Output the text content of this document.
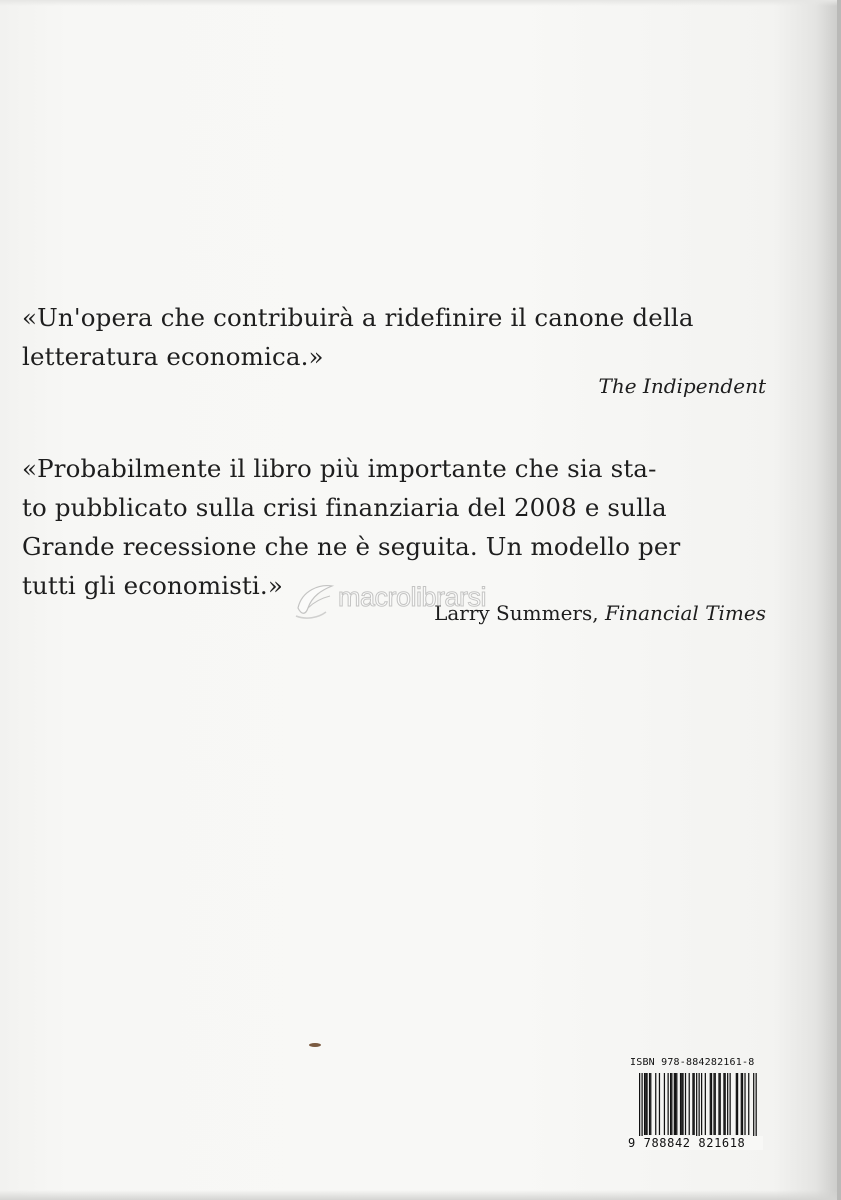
«Un'opera che contribuirà a ridefinire il canone della
letteratura economica.»
The Indipendent
«Probabilmente il libro più importante che sia sta-
to pubblicato sulla crisi finanziaria del 2008 e sulla
Grande recessione che ne è seguita. Un modello per
tutti gli economisti.»
Larry Summers, Financial Times
macrolibrarsi
ISBN 978-884282161-8
9 788842 821618
